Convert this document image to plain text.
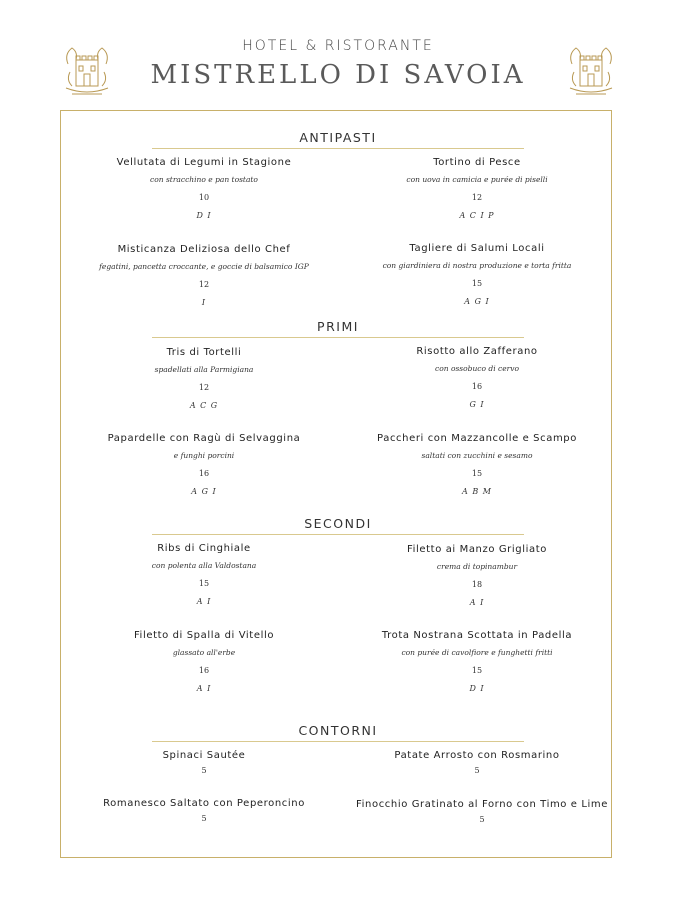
HOTEL & RISTORANTE
MISTRELLO DI SAVOIA
ANTIPASTI
Vellutata di Legumi in Stagione
con stracchino e pan tostato
10
D I
Tortino di Pesce
con uova in camicia e purée di piselli
12
A C I P
Misticanza Deliziosa dello Chef
fegatini, pancetta croccante, e goccie di balsamico IGP
12
I
Tagliere di Salumi Locali
con giardiniera di nostra produzione e torta fritta
15
A G I
PRIMI
Tris di Tortelli
spadellati alla Parmigiana
12
A C G
Risotto allo Zafferano
con ossobuco di cervo
16
G I
Papardelle con Ragù di Selvaggina
e funghi porcini
16
A G I
Paccheri con Mazzancolle e Scampo
saltati con zucchini e sesamo
15
A B M
SECONDI
Ribs di Cinghiale
con polenta alla Valdostana
15
A I
Filetto ai Manzo Grigliato
crema di topinambur
18
A I
Filetto di Spalla di Vitello
glassato all'erbe
16
A I
Trota Nostrana Scottata in Padella
con purée di cavolfiore e funghetti fritti
15
D I
CONTORNI
Spinaci Sautée
5
Patate Arrosto con Rosmarino
5
Romanesco Saltato con Peperoncino
5
Finocchio Gratinato al Forno con Timo e Lime
5
